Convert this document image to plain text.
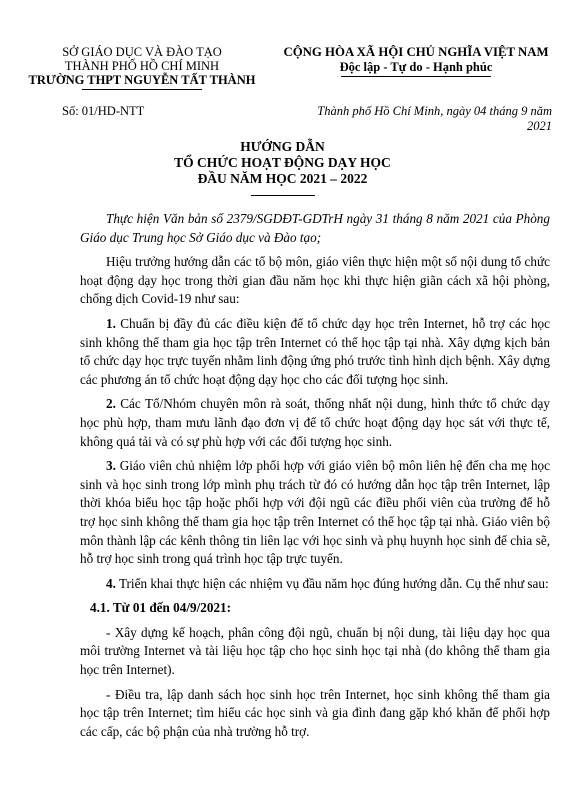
SỞ GIÁO DỤC VÀ ĐÀO TẠO
THÀNH PHỐ HỒ CHÍ MINH
TRƯỜNG THPT NGUYỄN TẤT THÀNH
CỘNG HÒA XÃ HỘI CHỦ NGHĨA VIỆT NAM
Độc lập - Tự do - Hạnh phúc
Số: 01/HD-NTT	Thành phố Hồ Chí Minh, ngày 04 tháng 9 năm 2021
HƯỚNG DẪN
TỔ CHỨC HOẠT ĐỘNG DẠY HỌC
ĐẦU NĂM HỌC 2021 – 2022

Thực hiện Văn bản số 2379/SGDĐT-GDTrH ngày 31 tháng 8 năm 2021 của Phòng Giáo dục Trung học Sở Giáo dục và Đào tạo;

Hiệu trưởng hướng dẫn các tổ bộ môn, giáo viên thực hiện một số nội dung tổ chức hoạt động dạy học trong thời gian đầu năm học khi thực hiện giãn cách xã hội phòng, chống dịch Covid-19 như sau:

1. Chuẩn bị đầy đủ các điều kiện để tổ chức dạy học trên Internet, hỗ trợ các học sinh không thể tham gia học tập trên Internet có thể học tập tại nhà. Xây dựng kịch bản tổ chức dạy học trực tuyến nhằm linh động ứng phó trước tình hình dịch bệnh. Xây dựng các phương án tổ chức hoạt động dạy học cho các đối tượng học sinh.

2. Các Tổ/Nhóm chuyên môn rà soát, thống nhất nội dung, hình thức tổ chức dạy học phù hợp, tham mưu lãnh đạo đơn vị để tổ chức hoạt động dạy học sát với thực tế, không quá tải và có sự phù hợp với các đối tượng học sinh.

3. Giáo viên chủ nhiệm lớp phối hợp với giáo viên bộ môn liên hệ đến cha mẹ học sinh và học sinh trong lớp mình phụ trách từ đó có hướng dẫn học tập trên Internet, lập thời khóa biểu học tập hoặc phối hợp với đội ngũ các điều phối viên của trường để hỗ trợ học sinh không thể tham gia học tập trên Internet có thể học tập tại nhà. Giáo viên bộ môn thành lập các kênh thông tin liên lạc với học sinh và phụ huynh học sinh để chia sẽ, hỗ trợ học sinh trong quá trình học tập trực tuyến.

4. Triển khai thực hiện các nhiệm vụ đầu năm học đúng hướng dẫn. Cụ thể như sau:

4.1. Từ 01 đến 04/9/2021:

- Xây dựng kế hoạch, phân công đội ngũ, chuẩn bị nội dung, tài liệu dạy học qua môi trường Internet và tài liệu học tập cho học sinh học tại nhà (do không thể tham gia học trên Internet).

- Điều tra, lập danh sách học sinh học trên Internet, học sinh không thể tham gia học tập trên Internet; tìm hiểu các học sinh và gia đình đang gặp khó khăn để phối hợp các cấp, các bộ phận của nhà trường hỗ trợ.
